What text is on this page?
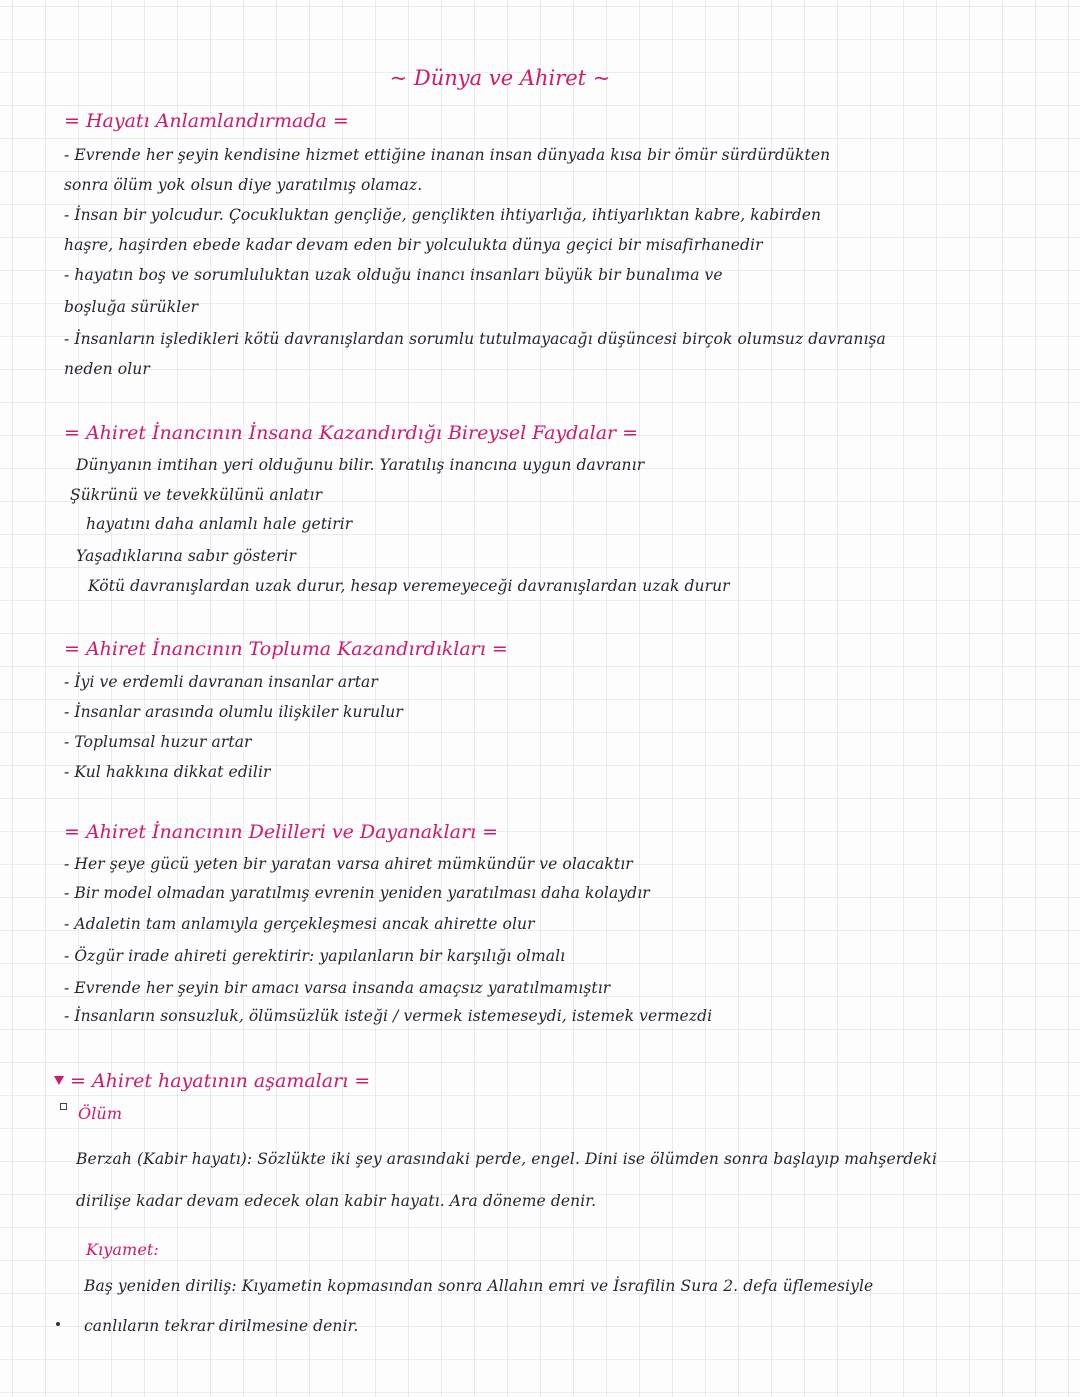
~ Dünya ve Ahiret ~
= Hayatı Anlamlandırmada =
- Evrende her şeyin kendisine hizmet ettiğine inanan insan dünyada kısa bir ömür sürdürdükten
sonra ölüm yok olsun diye yaratılmış olamaz.
- İnsan bir yolcudur. Çocukluktan gençliğe, gençlikten ihtiyarlığa, ihtiyarlıktan kabre, kabirden
haşre, haşirden ebede kadar devam eden bir yolculukta dünya geçici bir misafirhanedir
- hayatın boş ve sorumluluktan uzak olduğu inancı insanları büyük bir bunalıma ve
boşluğa sürükler
- İnsanların işledikleri kötü davranışlardan sorumlu tutulmayacağı düşüncesi birçok olumsuz davranışa
neden olur
= Ahiret İnancının İnsana Kazandırdığı Bireysel Faydalar =
Dünyanın imtihan yeri olduğunu bilir. Yaratılış inancına uygun davranır
Şükrünü ve tevekkülünü anlatır
hayatını daha anlamlı hale getirir
Yaşadıklarına sabır gösterir
Kötü davranışlardan uzak durur, hesap veremeyeceği davranışlardan uzak durur
= Ahiret İnancının Topluma Kazandırdıkları =
- İyi ve erdemli davranan insanlar artar
- İnsanlar arasında olumlu ilişkiler kurulur
- Toplumsal huzur artar
- Kul hakkına dikkat edilir
= Ahiret İnancının Delilleri ve Dayanakları =
- Her şeye gücü yeten bir yaratan varsa ahiret mümkündür ve olacaktır
- Bir model olmadan yaratılmış evrenin yeniden yaratılması daha kolaydır
- Adaletin tam anlamıyla gerçekleşmesi ancak ahirette olur
- Özgür irade ahireti gerektirir: yapılanların bir karşılığı olmalı
- Evrende her şeyin bir amacı varsa insanda amaçsız yaratılmamıştır
- İnsanların sonsuzluk, ölümsüzlük isteği / vermek istemeseydi, istemek vermezdi
= Ahiret hayatının aşamaları =
Ölüm
Berzah (Kabir hayatı): Sözlükte iki şey arasındaki perde, engel. Dini ise ölümden sonra başlayıp mahşerdeki
dirilişe kadar devam edecek olan kabir hayatı. Ara döneme denir.
Kıyamet:
Baş yeniden diriliş: Kıyametin kopmasından sonra Allahın emri ve İsrafilin Sura 2. defa üflemesiyle
canlıların tekrar dirilmesine denir.
